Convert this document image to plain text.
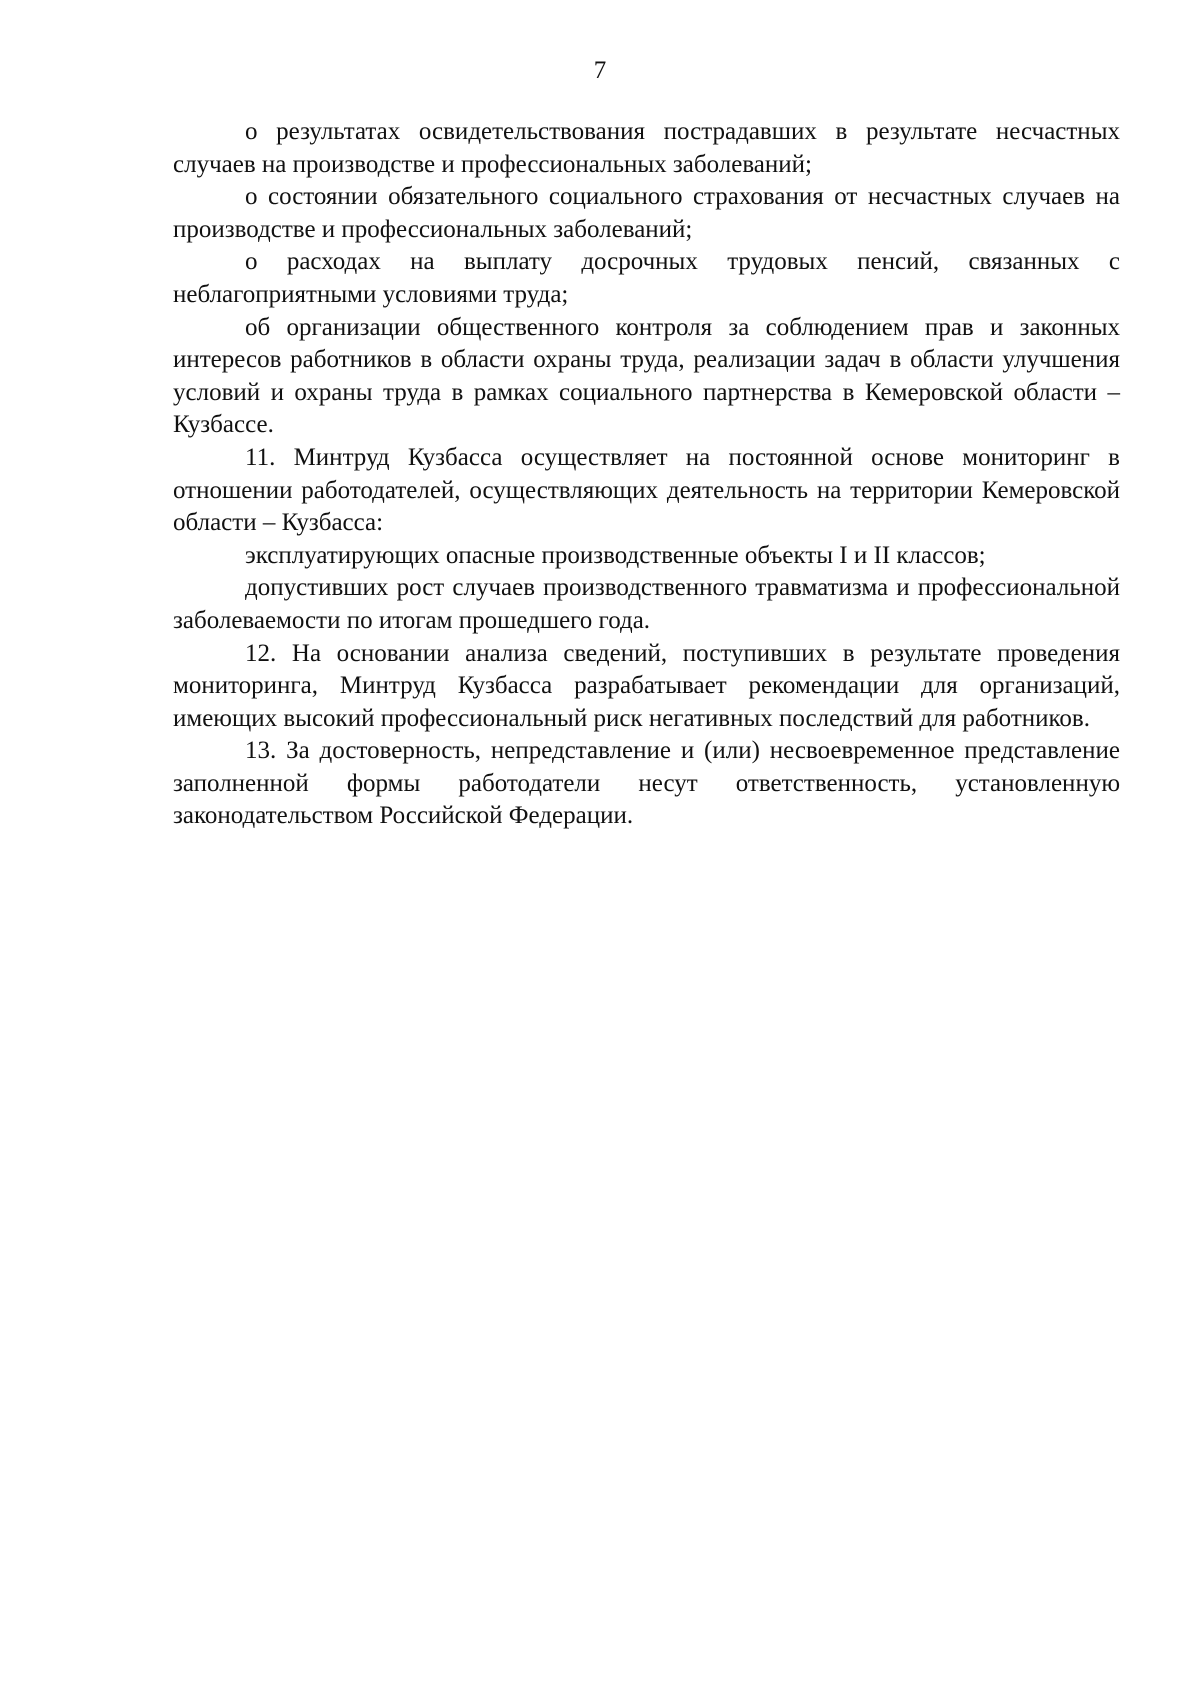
7

о результатах освидетельствования пострадавших в результате несчастных случаев на производстве и профессиональных заболеваний;

о состоянии обязательного социального страхования от несчастных случаев на производстве и профессиональных заболеваний;

о расходах на выплату досрочных трудовых пенсий, связанных с неблагоприятными условиями труда;

об организации общественного контроля за соблюдением прав и законных интересов работников в области охраны труда, реализации задач в области улучшения условий и охраны труда в рамках социального партнерства в Кемеровской области – Кузбассе.

11. Минтруд Кузбасса осуществляет на постоянной основе мониторинг в отношении работодателей, осуществляющих деятельность на территории Кемеровской области – Кузбасса:

эксплуатирующих опасные производственные объекты I и II классов;

допустивших рост случаев производственного травматизма и профессиональной заболеваемости по итогам прошедшего года.

12. На основании анализа сведений, поступивших в результате проведения мониторинга, Минтруд Кузбасса разрабатывает рекомендации для организаций, имеющих высокий профессиональный риск негативных последствий для работников.

13. За достоверность, непредставление и (или) несвоевременное представление заполненной формы работодатели несут ответственность, установленную законодательством Российской Федерации.
